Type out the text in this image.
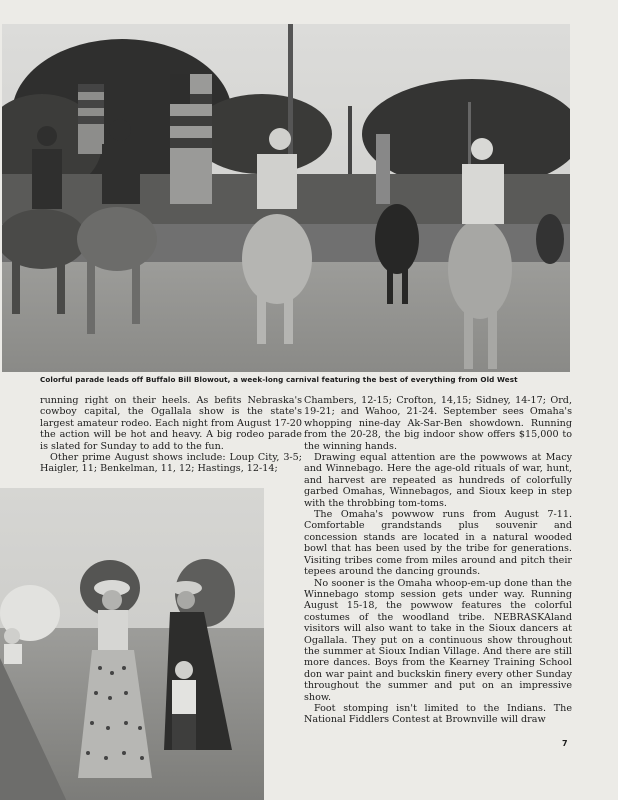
Colorful parade leads off Buffalo Bill Blowout, a week-long carnival featuring the best of everything from Old West

running right on their heels. As befits Nebraska's cowboy capital, the Ogallala show is the state's largest amateur rodeo. Each night from August 17-20 the action will be hot and heavy. A big rodeo parade is slated for Sunday to add to the fun.

Other prime August shows include: Loup City, 3-5; Haigler, 11; Benkelman, 11, 12; Hastings, 12-14;

Chambers, 12-15; Crofton, 14,15; Sidney, 14-17; Ord, 19-21; and Wahoo, 21-24. September sees Omaha's whopping nine-day Ak-Sar-Ben showdown. Running from the 20-28, the big indoor show offers $15,000 to the winning hands.

Drawing equal attention are the powwows at Macy and Winnebago. Here the age-old rituals of war, hunt, and harvest are repeated as hundreds of colorfully garbed Omahas, Winnebagos, and Sioux keep in step with the throbbing tom-toms.

The Omaha's powwow runs from August 7-11. Comfortable grandstands plus souvenir and concession stands are located in a natural wooded bowl that has been used by the tribe for generations. Visiting tribes come from miles around and pitch their tepees around the dancing grounds.

No sooner is the Omaha whoop-em-up done than the Winnebago stomp session gets under way. Running August 15-18, the powwow features the colorful costumes of the woodland tribe. NEBRASKAland visitors will also want to take in the Sioux dancers at Ogallala. They put on a continuous show throughout the summer at Sioux Indian Village. And there are still more dances. Boys from the Kearney Training School don war paint and buckskin finery every other Sunday throughout the summer and put on an impressive show.

Foot stomping isn't limited to the Indians. The National Fiddlers Contest at Brownville will draw

7
